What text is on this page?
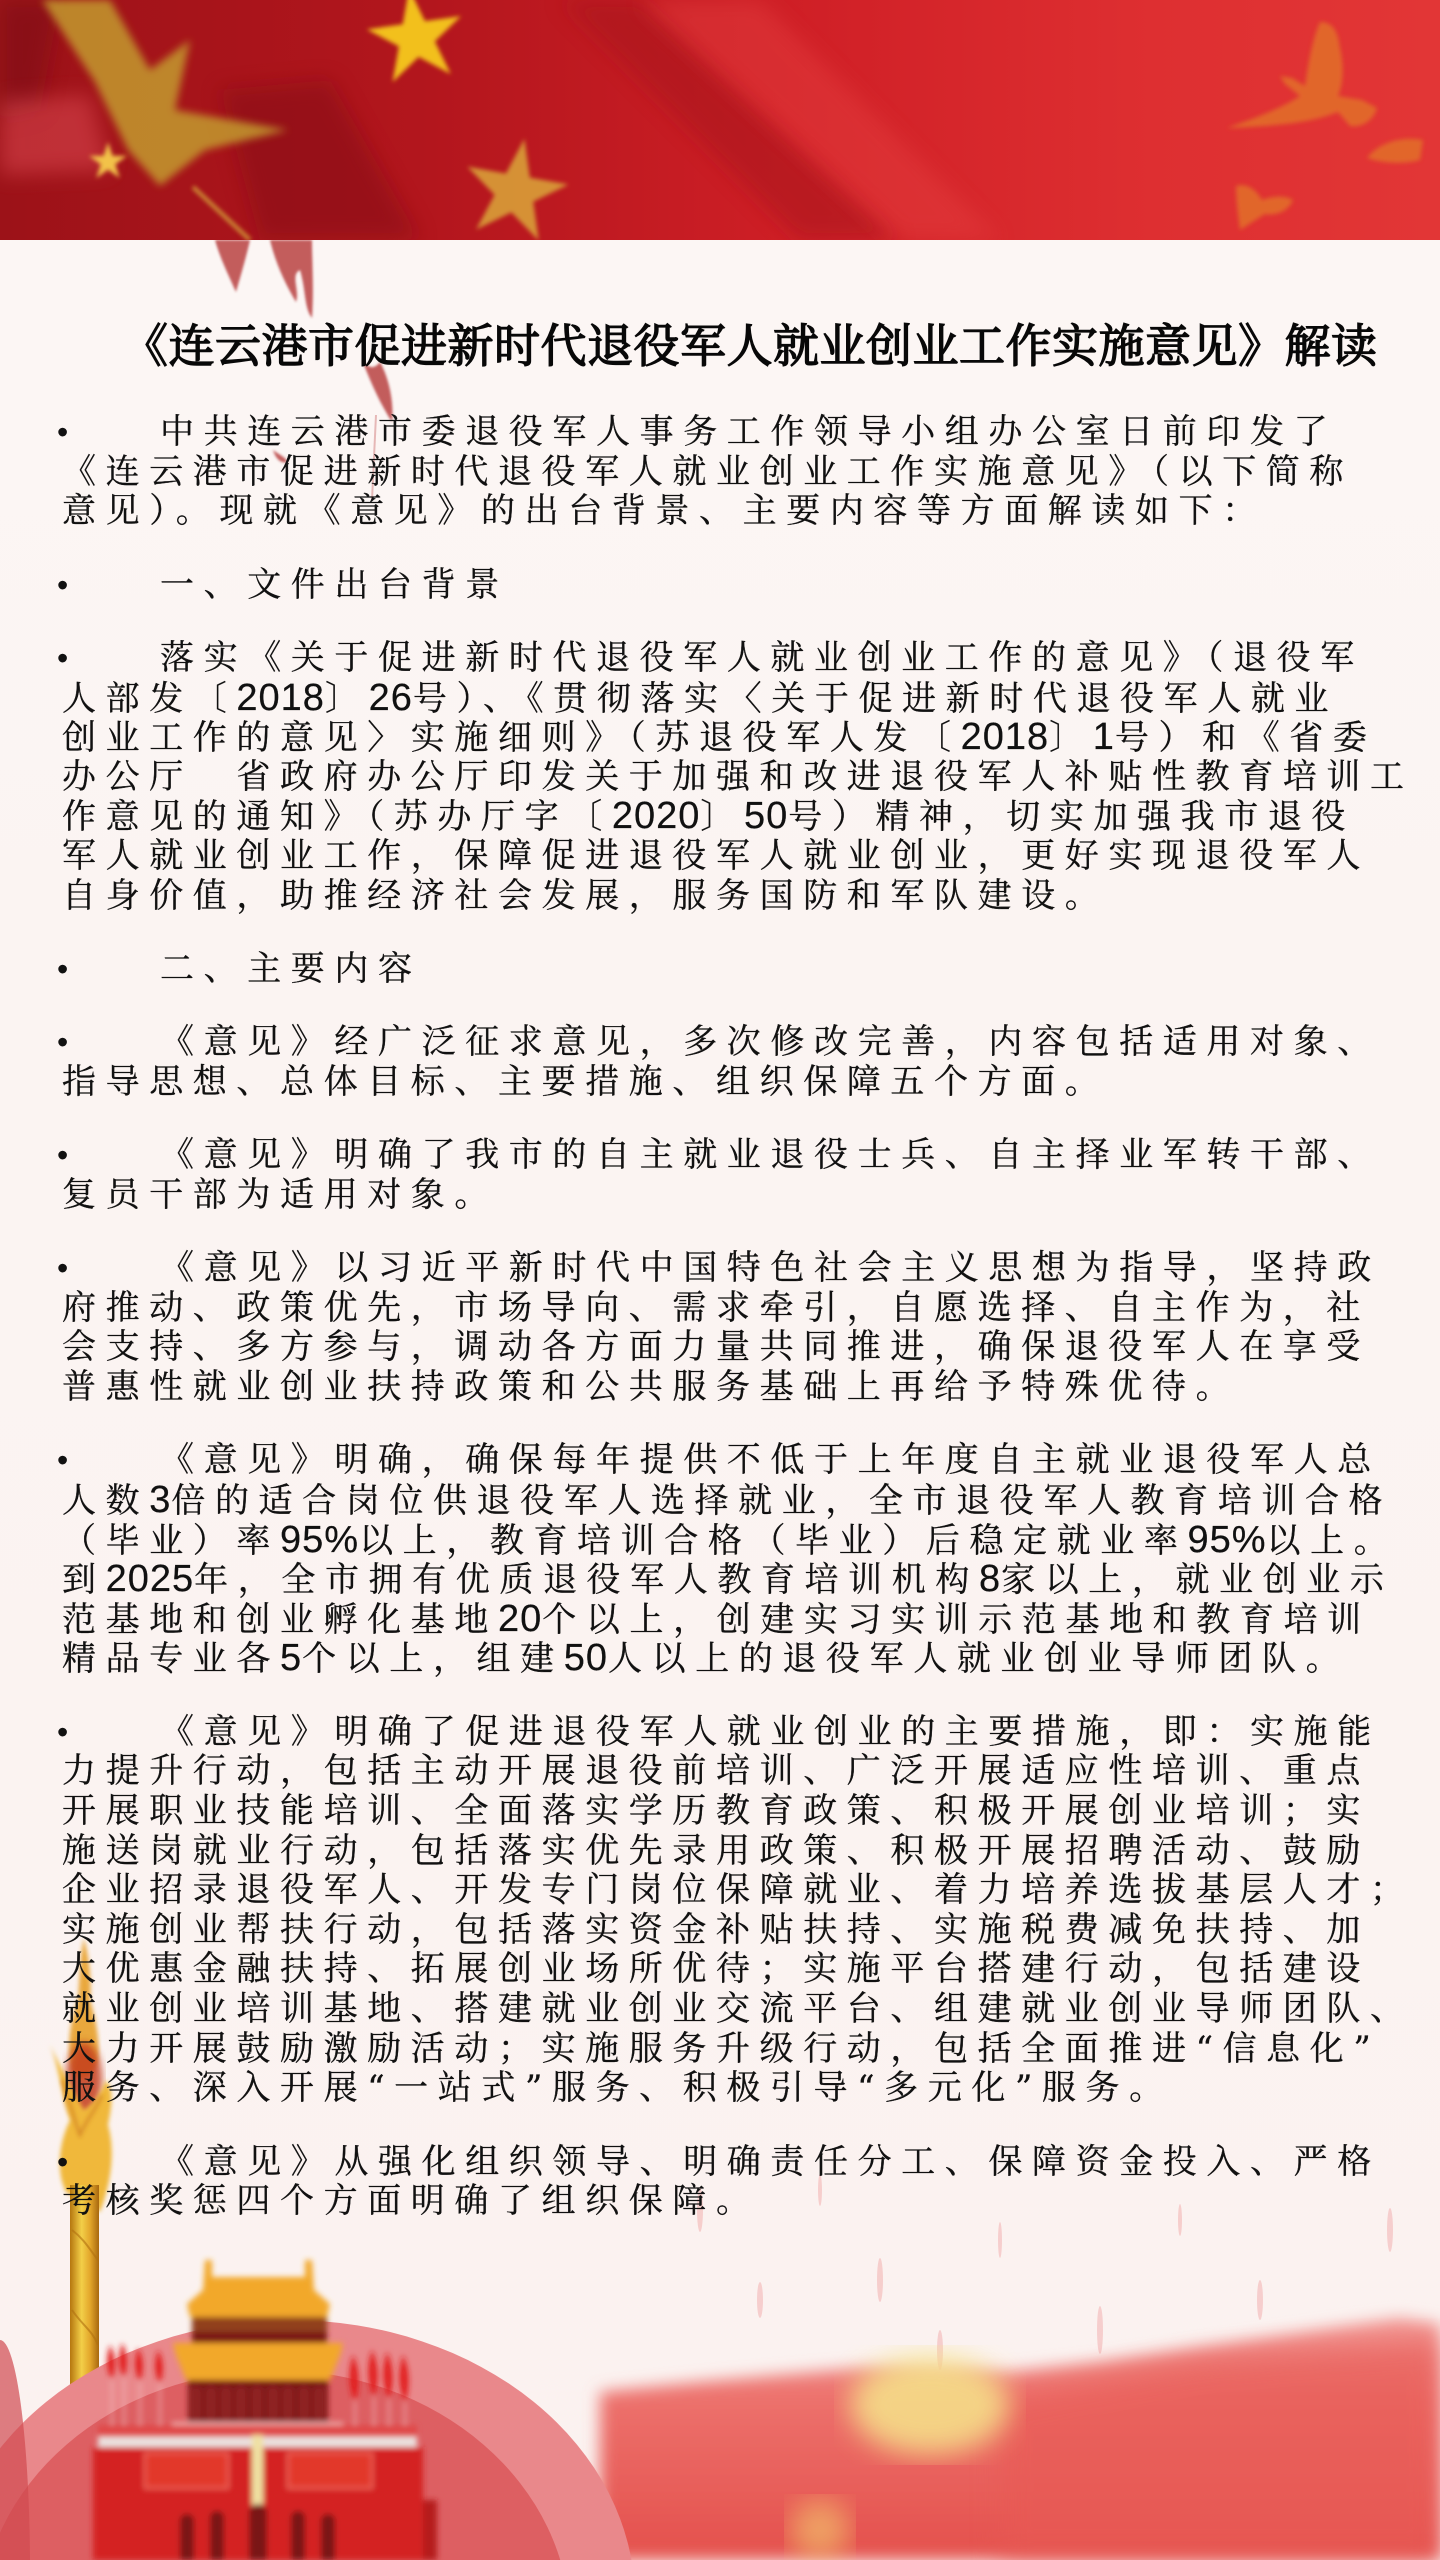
《连云港市促进新时代退役军人就业创业工作实施意见》解读
•	中共连云港市委退役军人事务工作领导小组办公室日前印发了
《连云港市促进新时代退役军人就业创业工作实施意见》（以下简称
意见）。现就《意见》的出台背景、主要内容等方面解读如下：
•	一、文件出台背景
•	落实《关于促进新时代退役军人就业创业工作的意见》（退役军
人部发〔2018〕26号）、《贯彻落实〈关于促进新时代退役军人就业
创业工作的意见〉实施细则》（苏退役军人发〔2018〕1号）和《省委
办公厅　省政府办公厅印发关于加强和改进退役军人补贴性教育培训工
作意见的通知》（苏办厅字〔2020〕50号）精神，切实加强我市退役
军人就业创业工作，保障促进退役军人就业创业，更好实现退役军人
自身价值，助推经济社会发展，服务国防和军队建设。
•	二、主要内容
•	《意见》经广泛征求意见，多次修改完善，内容包括适用对象、
指导思想、总体目标、主要措施、组织保障五个方面。
•	《意见》明确了我市的自主就业退役士兵、自主择业军转干部、
复员干部为适用对象。
•	《意见》以习近平新时代中国特色社会主义思想为指导，坚持政
府推动、政策优先，市场导向、需求牵引，自愿选择、自主作为，社
会支持、多方参与，调动各方面力量共同推进，确保退役军人在享受
普惠性就业创业扶持政策和公共服务基础上再给予特殊优待。
•	《意见》明确，确保每年提供不低于上年度自主就业退役军人总
人数3倍的适合岗位供退役军人选择就业，全市退役军人教育培训合格
（毕业）率95%以上，教育培训合格（毕业）后稳定就业率95%以上。
到2025年，全市拥有优质退役军人教育培训机构8家以上，就业创业示
范基地和创业孵化基地20个以上，创建实习实训示范基地和教育培训
精品专业各5个以上，组建50人以上的退役军人就业创业导师团队。
•	《意见》明确了促进退役军人就业创业的主要措施，即：实施能
力提升行动，包括主动开展退役前培训、广泛开展适应性培训、重点
开展职业技能培训、全面落实学历教育政策、积极开展创业培训；实
施送岗就业行动，包括落实优先录用政策、积极开展招聘活动、鼓励
企业招录退役军人、开发专门岗位保障就业、着力培养选拔基层人才；
实施创业帮扶行动，包括落实资金补贴扶持、实施税费减免扶持、加
大优惠金融扶持、拓展创业场所优待；实施平台搭建行动，包括建设
就业创业培训基地、搭建就业创业交流平台、组建就业创业导师团队、
大力开展鼓励激励活动；实施服务升级行动，包括全面推进“信息化”
服务、深入开展“一站式”服务、积极引导“多元化”服务。
•	《意见》从强化组织领导、明确责任分工、保障资金投入、严格
考核奖惩四个方面明确了组织保障。
